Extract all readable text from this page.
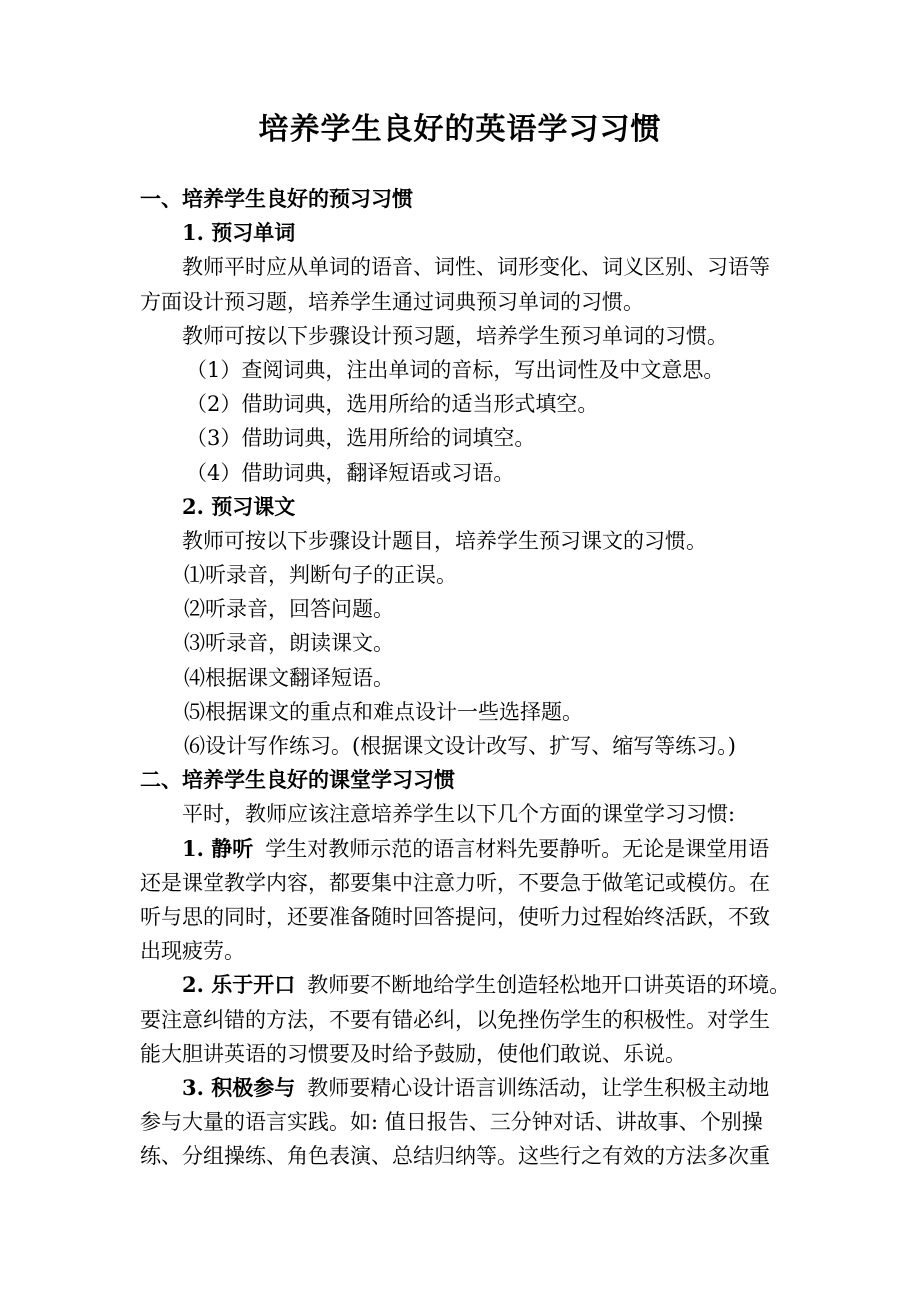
培养学生良好的英语学习习惯
一、培养学生良好的预习习惯
1. 预习单词
教师平时应从单词的语音、词性、词形变化、词义区别、习语等
方面设计预习题，培养学生通过词典预习单词的习惯。
教师可按以下步骤设计预习题，培养学生预习单词的习惯。
（1）查阅词典，注出单词的音标，写出词性及中文意思。
（2）借助词典，选用所给的适当形式填空。
（3）借助词典，选用所给的词填空。
（4）借助词典，翻译短语或习语。
2. 预习课文
教师可按以下步骤设计题目，培养学生预习课文的习惯。
⑴听录音，判断句子的正误。
⑵听录音，回答问题。
⑶听录音，朗读课文。
⑷根据课文翻译短语。
⑸根据课文的重点和难点设计一些选择题。
⑹设计写作练习。(根据课文设计改写、扩写、缩写等练习。)
二、培养学生良好的课堂学习习惯
平时，教师应该注意培养学生以下几个方面的课堂学习习惯:
1. 静听 学生对教师示范的语言材料先要静听。无论是课堂用语
还是课堂教学内容，都要集中注意力听，不要急于做笔记或模仿。在
听与思的同时，还要准备随时回答提问，使听力过程始终活跃，不致
出现疲劳。
2. 乐于开口 教师要不断地给学生创造轻松地开口讲英语的环境。
要注意纠错的方法，不要有错必纠，以免挫伤学生的积极性。对学生
能大胆讲英语的习惯要及时给予鼓励，使他们敢说、乐说。
3. 积极参与 教师要精心设计语言训练活动，让学生积极主动地
参与大量的语言实践。如: 值日报告、三分钟对话、讲故事、个别操
练、分组操练、角色表演、总结归纳等。这些行之有效的方法多次重
